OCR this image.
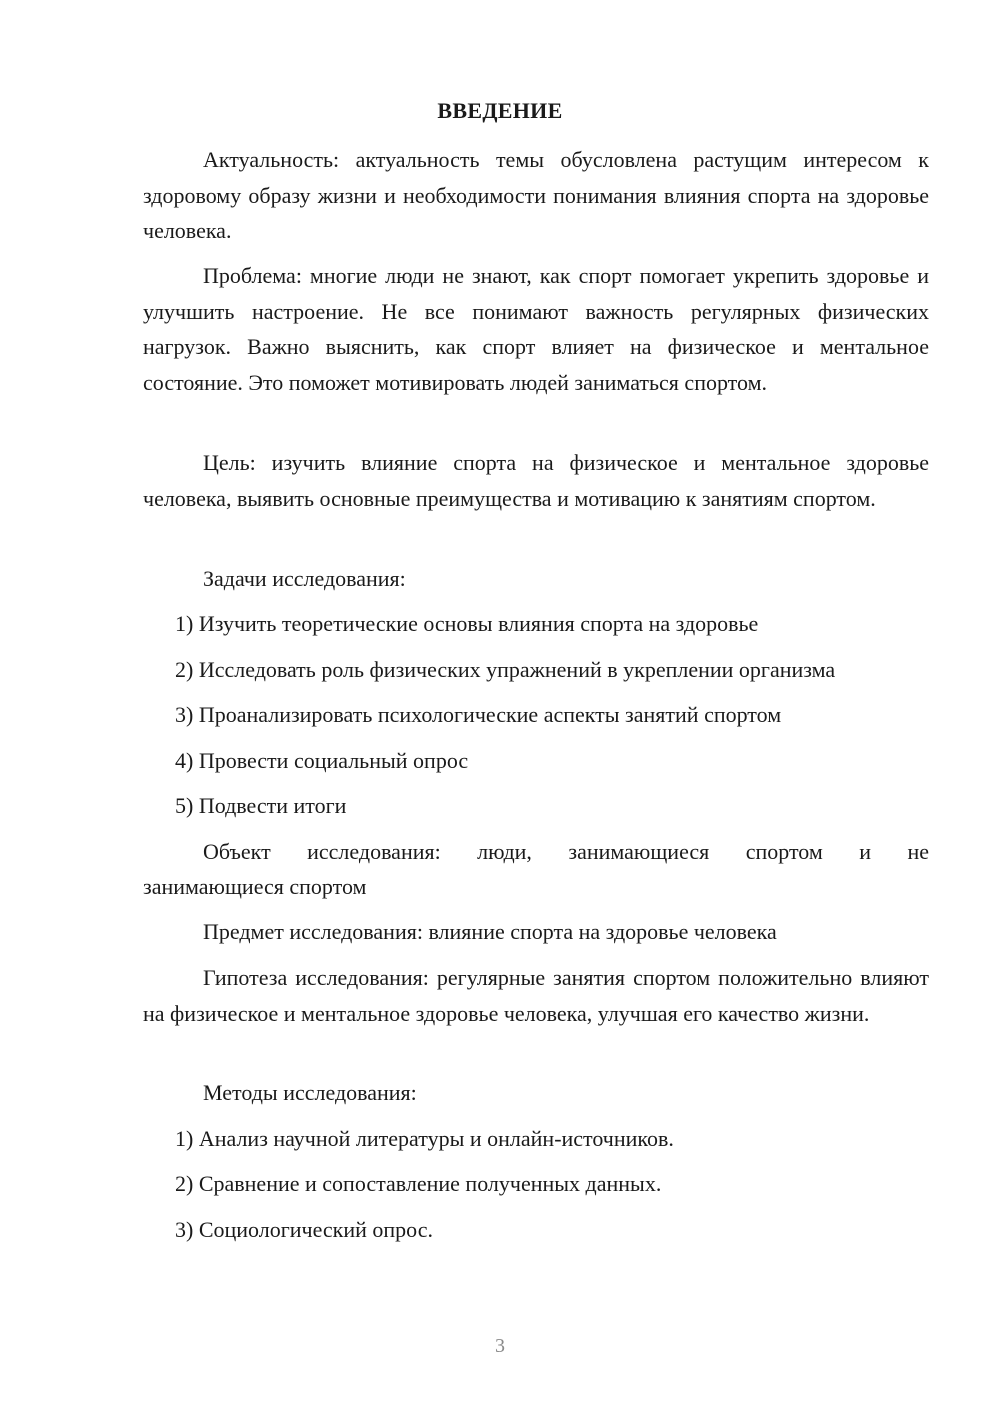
ВВЕДЕНИЕ
Актуальность: актуальность темы обусловлена растущим интересом к здоровому образу жизни и необходимости понимания влияния спорта на здоровье человека.
Проблема: многие люди не знают, как спорт помогает укрепить здоровье и улучшить настроение. Не все понимают важность регулярных физических нагрузок. Важно выяснить, как спорт влияет на физическое и ментальное состояние. Это поможет мотивировать людей заниматься спортом.
Цель: изучить влияние спорта на физическое и ментальное здоровье человека, выявить основные преимущества и мотивацию к занятиям спортом.
Задачи исследования:
1) Изучить теоретические основы влияния спорта на здоровье
2) Исследовать роль физических упражнений в укреплении организма
3) Проанализировать психологические аспекты занятий спортом
4) Провести социальный опрос
5) Подвести итоги
Объект исследования: люди, занимающиеся спортом и не
занимающиеся спортом
Предмет исследования: влияние спорта на здоровье человека
Гипотеза исследования: регулярные занятия спортом положительно влияют на физическое и ментальное здоровье человека, улучшая его качество жизни.
Методы исследования:
1) Анализ научной литературы и онлайн-источников.
2) Сравнение и сопоставление полученных данных.
3) Социологический опрос.
3
